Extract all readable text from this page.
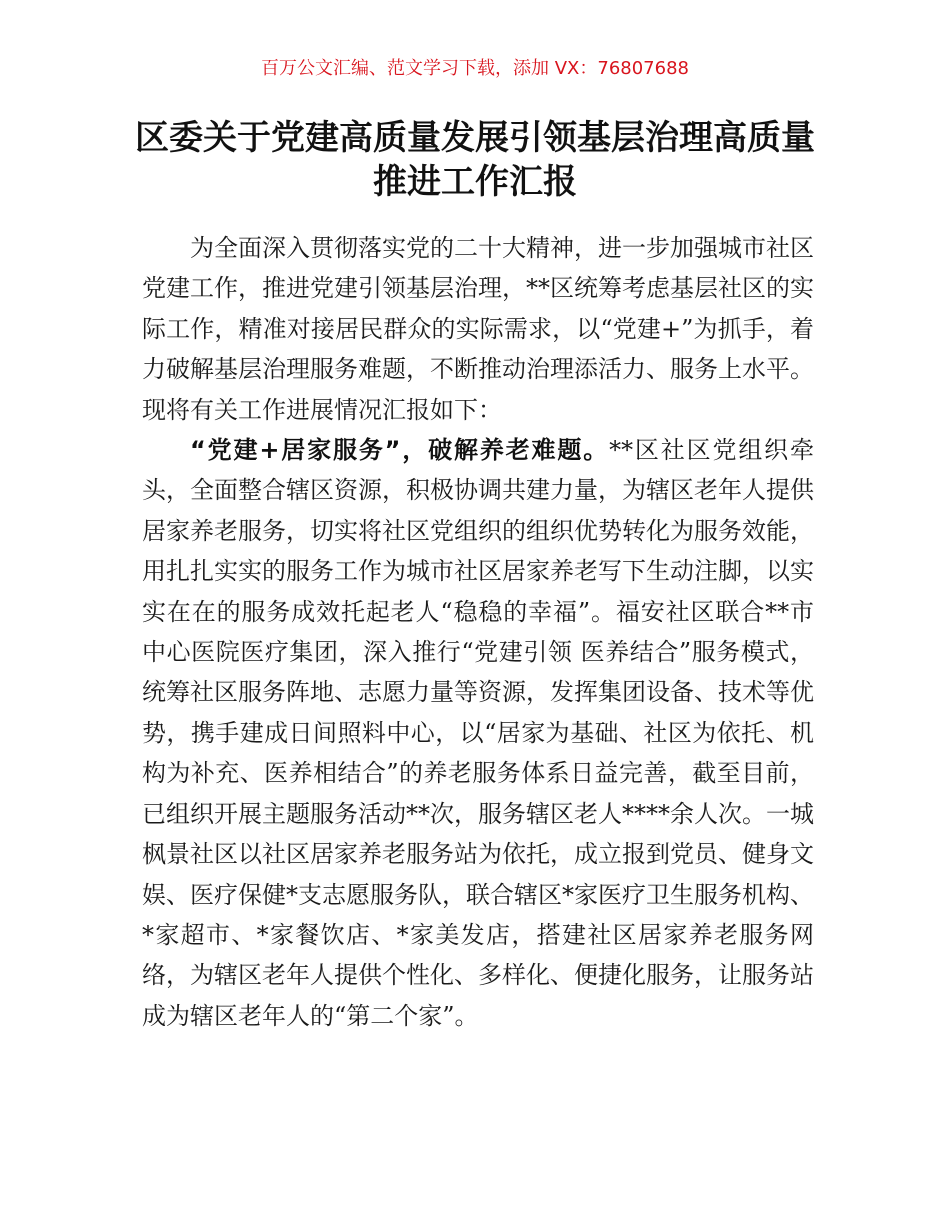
百万公文汇编、范文学习下载，添加 VX：76807688
区委关于党建高质量发展引领基层治理高质量推进工作汇报

为全面深入贯彻落实党的二十大精神，进一步加强城市社区党建工作，推进党建引领基层治理，**区统筹考虑基层社区的实际工作，精准对接居民群众的实际需求，以“党建+”为抓手，着力破解基层治理服务难题，不断推动治理添活力、服务上水平。现将有关工作进展情况汇报如下：

“党建+居家服务”，破解养老难题。**区社区党组织牵头，全面整合辖区资源，积极协调共建力量，为辖区老年人提供居家养老服务，切实将社区党组织的组织优势转化为服务效能，用扎扎实实的服务工作为城市社区居家养老写下生动注脚，以实实在在的服务成效托起老人“稳稳的幸福”。福安社区联合**市中心医院医疗集团，深入推行“党建引领 医养结合”服务模式，统筹社区服务阵地、志愿力量等资源，发挥集团设备、技术等优势，携手建成日间照料中心，以“居家为基础、社区为依托、机构为补充、医养相结合”的养老服务体系日益完善，截至目前，已组织开展主题服务活动**次，服务辖区老人****余人次。一城枫景社区以社区居家养老服务站为依托，成立报到党员、健身文娱、医疗保健*支志愿服务队，联合辖区*家医疗卫生服务机构、*家超市、*家餐饮店、*家美发店，搭建社区居家养老服务网络，为辖区老年人提供个性化、多样化、便捷化服务，让服务站成为辖区老年人的“第二个家”。
